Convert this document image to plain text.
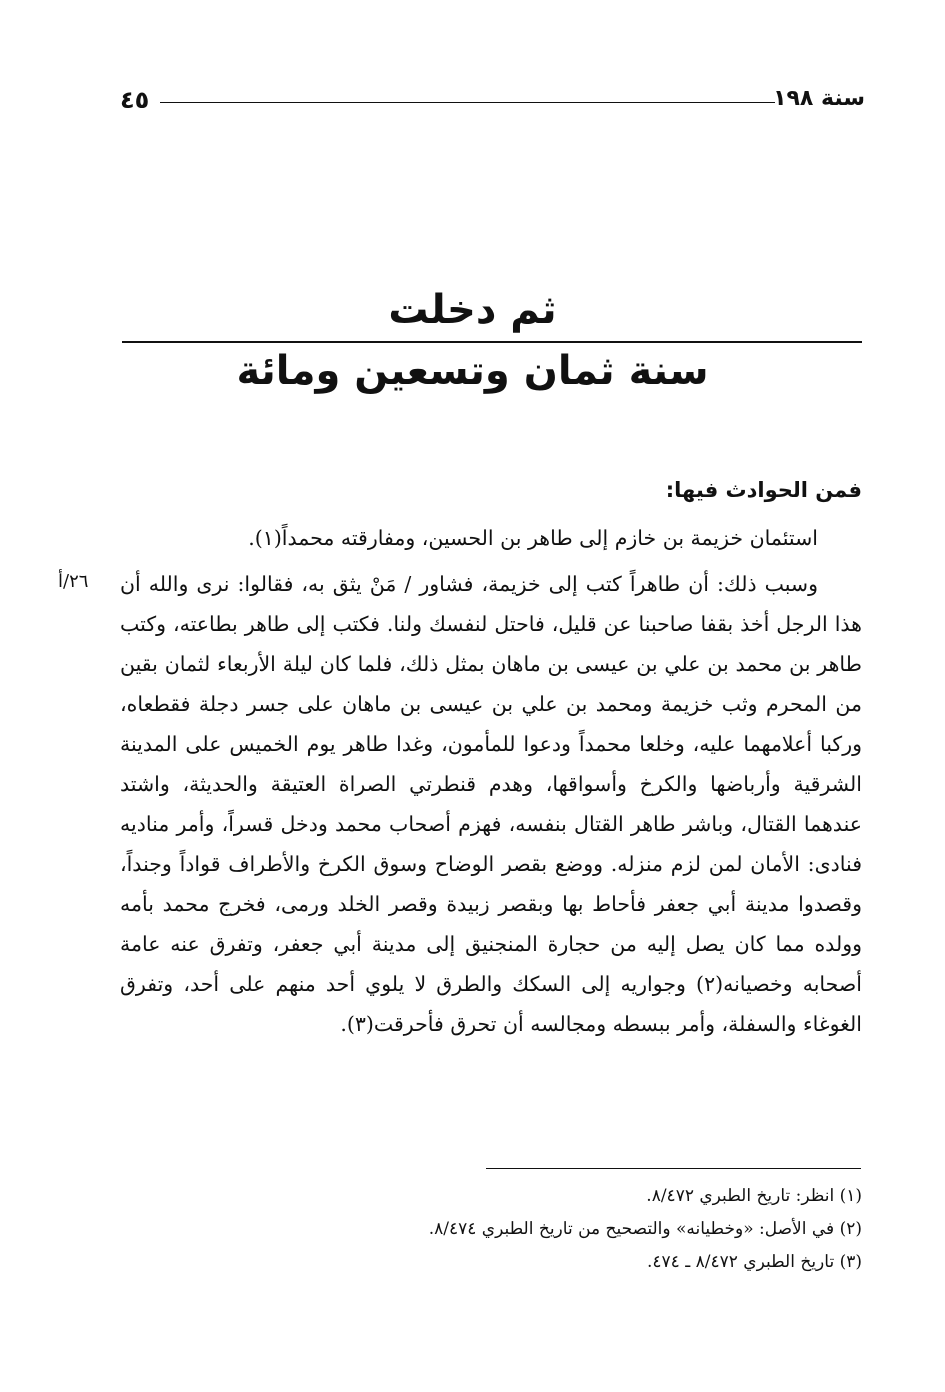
٤٥	سنة ١٩٨
ثم دخلت
سنة ثمان وتسعين ومائة

فمن الحوادث فيها:

استئمان خزيمة بن خازم إلى طاهر بن الحسين، ومفارقته محمداً(١).

وسبب ذلك: أن طاهراً كتب إلى خزيمة، فشاور / مَنْ يثق به، فقالوا: نرى والله أن هذا الرجل أخذ بقفا صاحبنا عن قليل، فاحتل لنفسك ولنا. فكتب إلى طاهر بطاعته، وكتب طاهر بن محمد بن علي بن عيسى بن ماهان بمثل ذلك، فلما كان ليلة الأربعاء لثمان بقين من المحرم وثب خزيمة ومحمد بن علي بن عيسى بن ماهان على جسر دجلة فقطعاه، وركبا أعلامهما عليه، وخلعا محمداً ودعوا للمأمون، وغدا طاهر يوم الخميس على المدينة الشرقية وأرباضها والكرخ وأسواقها، وهدم قنطرتي الصراة العتيقة والحديثة، واشتد عندهما القتال، وباشر طاهر القتال بنفسه، فهزم أصحاب محمد ودخل قسراً، وأمر مناديه فنادى: الأمان لمن لزم منزله. ووضع بقصر الوضاح وسوق الكرخ والأطراف قواداً وجنداً، وقصدوا مدينة أبي جعفر فأحاط بها وبقصر زبيدة وقصر الخلد ورمى، فخرج محمد بأمه وولده مما كان يصل إليه من حجارة المنجنيق إلى مدينة أبي جعفر، وتفرق عنه عامة أصحابه وخصيانه(٢) وجواريه إلى السكك والطرق لا يلوي أحد منهم على أحد، وتفرق الغوغاء والسفلة، وأمر ببسطه ومجالسه أن تحرق فأحرقت(٣).

٢٦/أ

(١) انظر: تاريخ الطبري ٨/٤٧٢.

(٢) في الأصل: «وخطيانه» والتصحيح من تاريخ الطبري ٨/٤٧٤.

(٣) تاريخ الطبري ٨/٤٧٢ ـ ٤٧٤.
